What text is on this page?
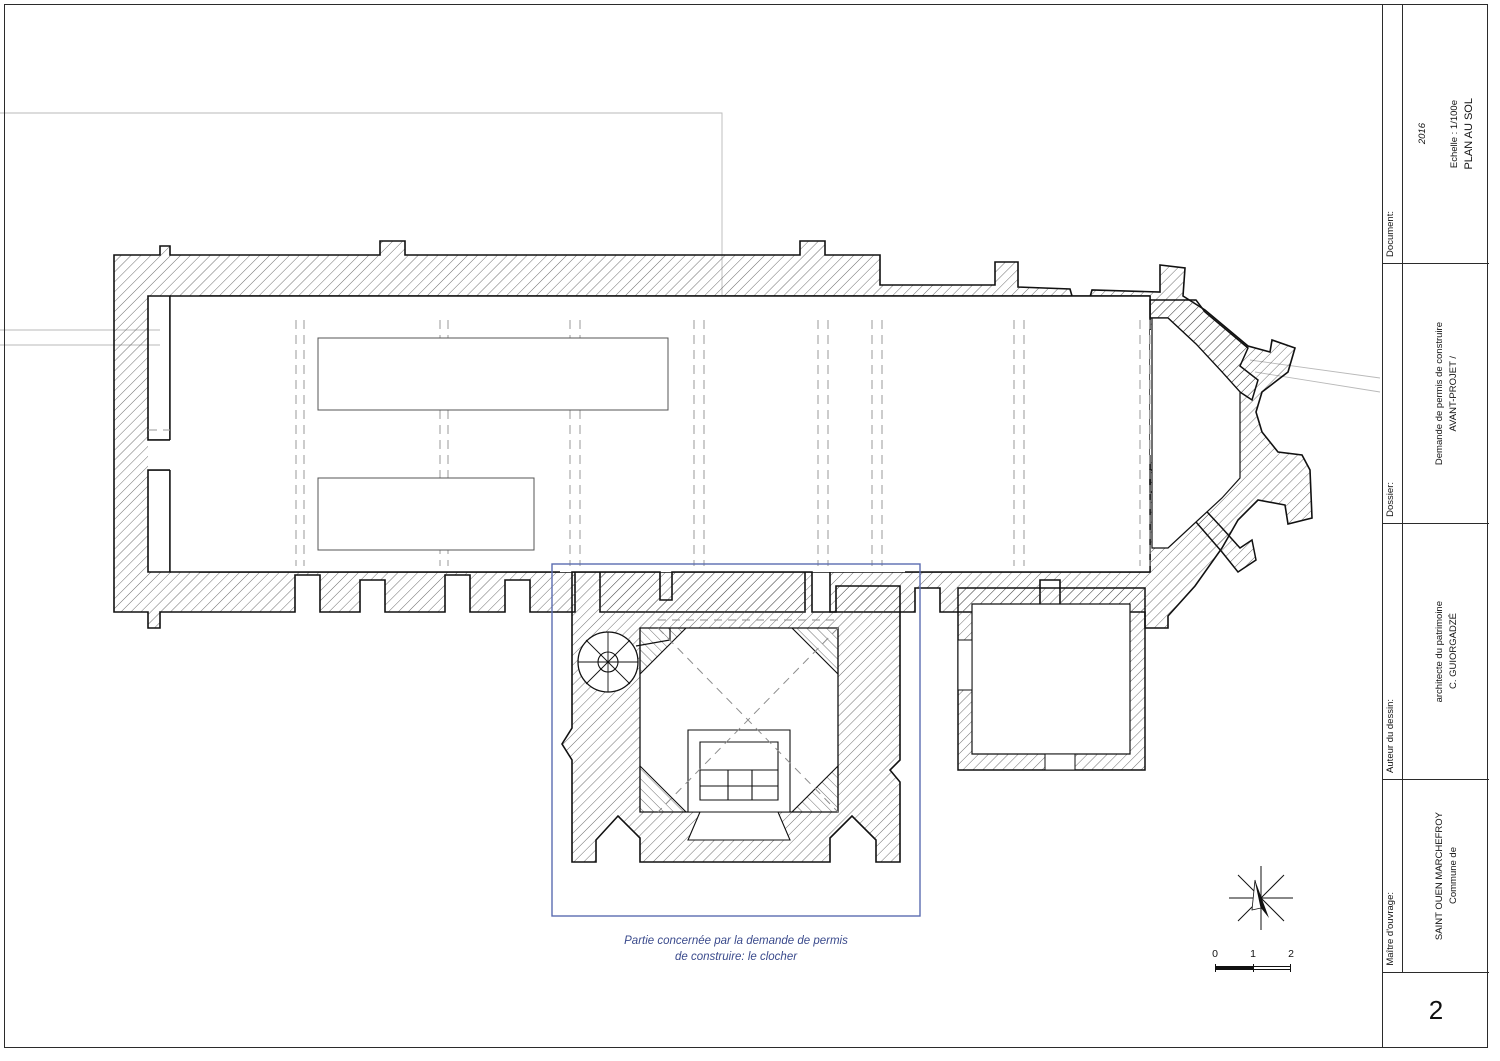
Partie concernée par la demande de permis
de construire: le clocher	0	1	2
Document:
PLAN AU SOL
Echelle : 1/100e
2016
Dossier:
AVANT-PROJET /
Demande de permis de construire
Auteur du dessin:
C. GUIORGADZÉ
architecte du patrimoine
Maître d'ouvrage:
Commune de
SAINT OUEN MARCHEFROY
2
